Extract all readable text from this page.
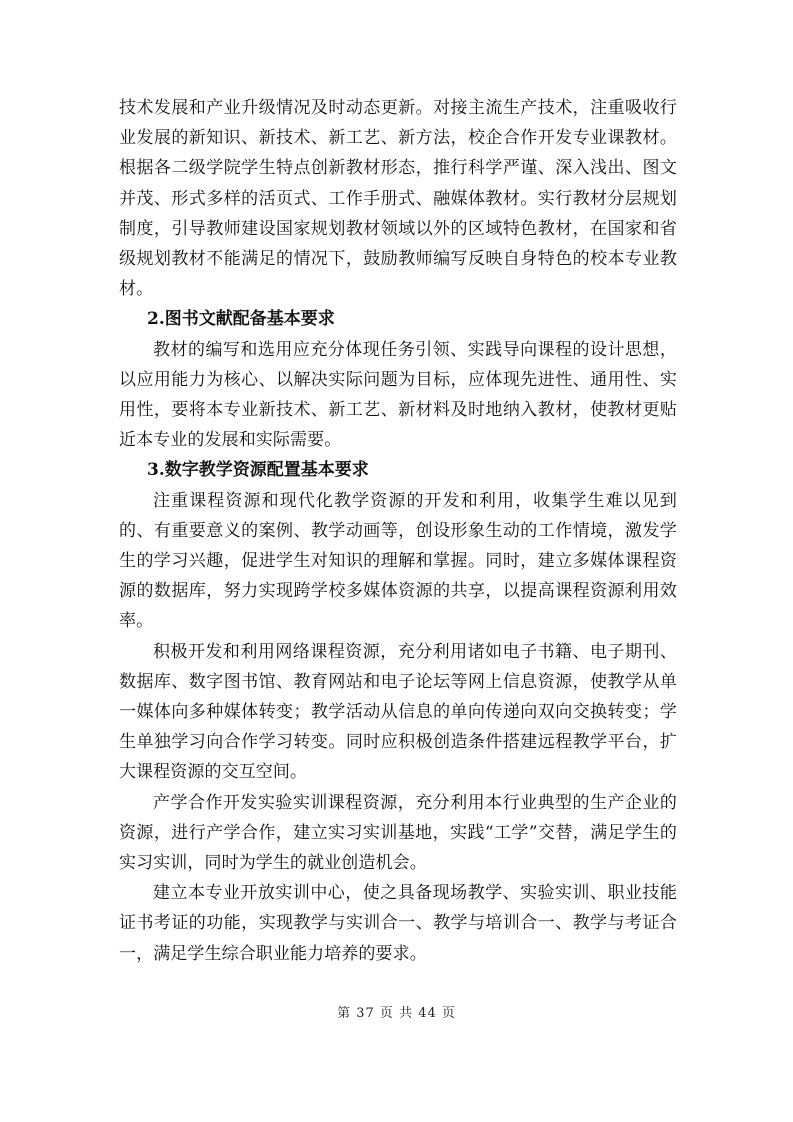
技术发展和产业升级情况及时动态更新。对接主流生产技术，注重吸收行业发展的新知识、新技术、新工艺、新方法，校企合作开发专业课教材。根据各二级学院学生特点创新教材形态，推行科学严谨、深入浅出、图文并茂、形式多样的活页式、工作手册式、融媒体教材。实行教材分层规划制度，引导教师建设国家规划教材领域以外的区域特色教材，在国家和省级规划教材不能满足的情况下，鼓励教师编写反映自身特色的校本专业教材。

2.图书文献配备基本要求

教材的编写和选用应充分体现任务引领、实践导向课程的设计思想，以应用能力为核心、以解决实际问题为目标，应体现先进性、通用性、实用性，要将本专业新技术、新工艺、新材料及时地纳入教材，使教材更贴近本专业的发展和实际需要。

3.数字教学资源配置基本要求

注重课程资源和现代化教学资源的开发和利用，收集学生难以见到的、有重要意义的案例、教学动画等，创设形象生动的工作情境，激发学生的学习兴趣，促进学生对知识的理解和掌握。同时，建立多媒体课程资源的数据库，努力实现跨学校多媒体资源的共享，以提高课程资源利用效率。

积极开发和利用网络课程资源，充分利用诸如电子书籍、电子期刊、数据库、数字图书馆、教育网站和电子论坛等网上信息资源，使教学从单一媒体向多种媒体转变；教学活动从信息的单向传递向双向交换转变；学生单独学习向合作学习转变。同时应积极创造条件搭建远程教学平台，扩大课程资源的交互空间。

产学合作开发实验实训课程资源，充分利用本行业典型的生产企业的资源，进行产学合作，建立实习实训基地，实践“工学”交替，满足学生的实习实训，同时为学生的就业创造机会。

建立本专业开放实训中心，使之具备现场教学、实验实训、职业技能证书考证的功能，实现教学与实训合一、教学与培训合一、教学与考证合一，满足学生综合职业能力培养的要求。

第 37 页 共 44 页
